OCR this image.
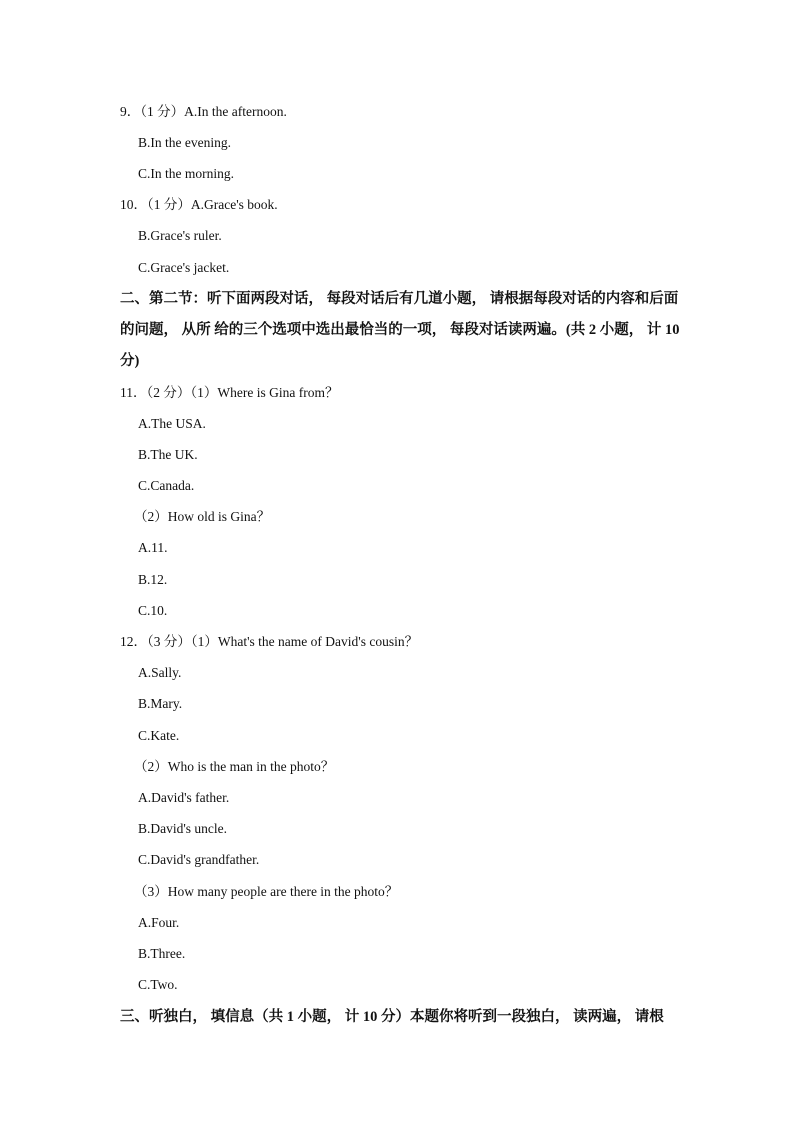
9．（1 分）A.In the afternoon.
B.In the evening.
C.In the morning.
10．（1 分）A.Grace's book.
B.Grace's ruler.
C.Grace's jacket.
二、第二节：听下面两段对话， 每段对话后有几道小题， 请根据每段对话的内容和后面
的问题， 从所 给的三个选项中选出最恰当的一项， 每段对话读两遍。(共 2 小题， 计 10
分)
11．（2 分）（1）Where is Gina from？
A.The USA.
B.The UK.
C.Canada.
（2）How old is Gina？
A.11.
B.12.
C.10.
12．（3 分）（1）What's the name of David's cousin？
A.Sally.
B.Mary.
C.Kate.
（2）Who is the man in the photo？
A.David's father.
B.David's uncle.
C.David's grandfather.
（3）How many people are there in the photo？
A.Four.
B.Three.
C.Two.
三、听独白， 填信息（共 1 小题， 计 10 分）本题你将听到一段独白， 读两遍， 请根
